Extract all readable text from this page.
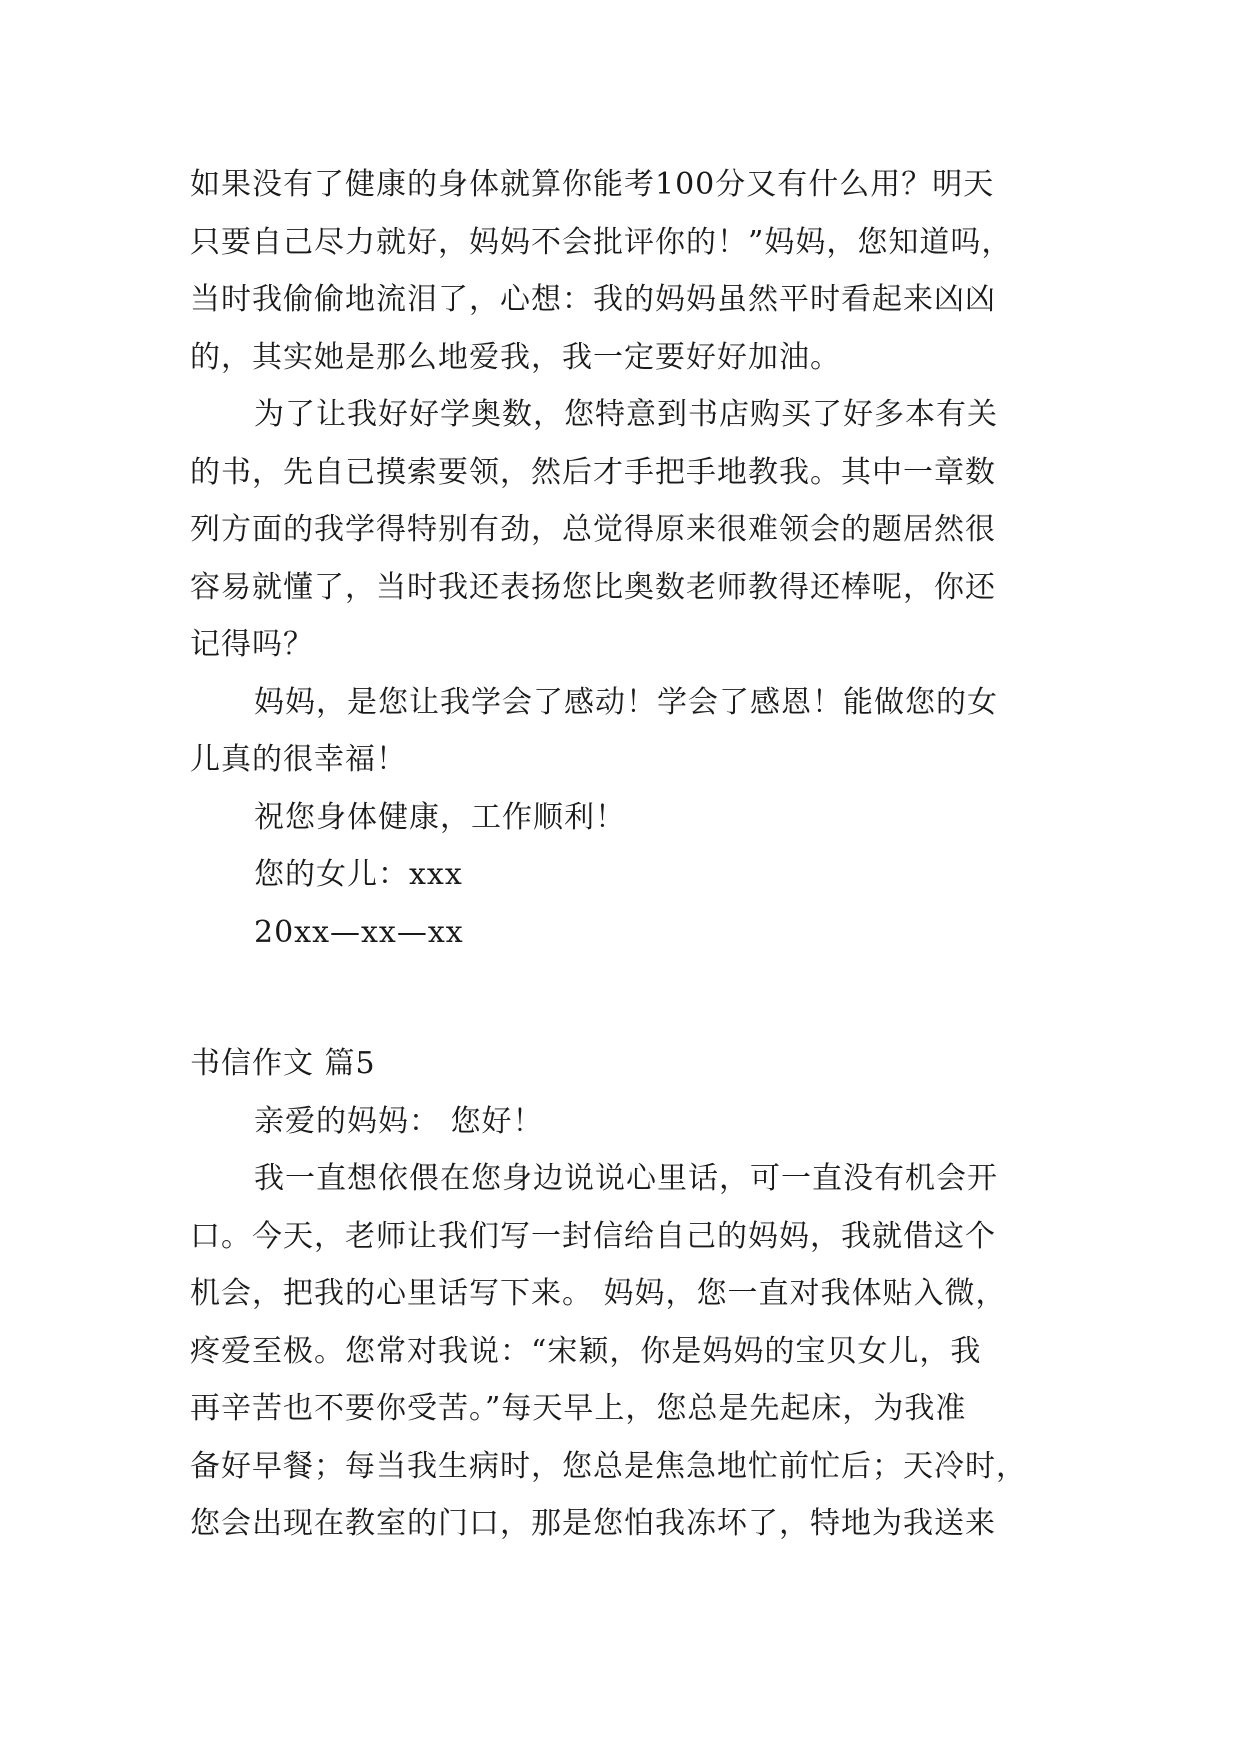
如果没有了健康的身体就算你能考100分又有什么用？明天
只要自己尽力就好，妈妈不会批评你的！”妈妈，您知道吗，
当时我偷偷地流泪了，心想：我的妈妈虽然平时看起来凶凶
的，其实她是那么地爱我，我一定要好好加油。
为了让我好好学奥数，您特意到书店购买了好多本有关
的书，先自已摸索要领，然后才手把手地教我。其中一章数
列方面的我学得特别有劲，总觉得原来很难领会的题居然很
容易就懂了，当时我还表扬您比奥数老师教得还棒呢，你还
记得吗？
妈妈，是您让我学会了感动！学会了感恩！能做您的女
儿真的很幸福！
祝您身体健康，工作顺利！
您的女儿：xxx
20xx—xx—xx
书信作文 篇5
亲爱的妈妈： 您好！
我一直想依偎在您身边说说心里话，可一直没有机会开
口。今天，老师让我们写一封信给自己的妈妈，我就借这个
机会，把我的心里话写下来。 妈妈，您一直对我体贴入微，
疼爱至极。您常对我说：“宋颖，你是妈妈的宝贝女儿，我
再辛苦也不要你受苦。”每天早上，您总是先起床，为我准
备好早餐；每当我生病时，您总是焦急地忙前忙后；天冷时，
您会出现在教室的门口，那是您怕我冻坏了，特地为我送来
